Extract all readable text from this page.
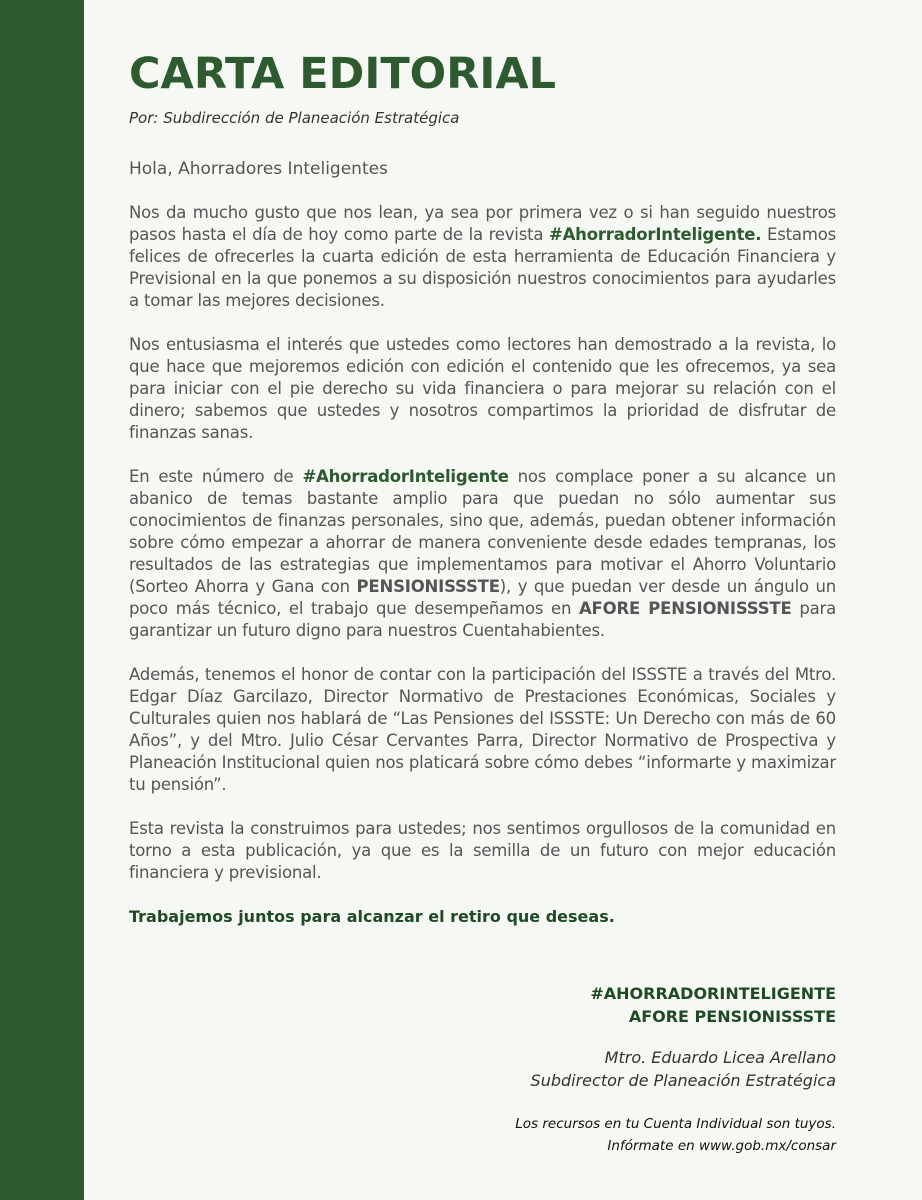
CARTA EDITORIAL

Por: Subdirección de Planeación Estratégica

Hola, Ahorradores Inteligentes

Nos da mucho gusto que nos lean, ya sea por primera vez o si han seguido nuestros pasos hasta el día de hoy como parte de la revista #AhorradorInteligente. Estamos felices de ofrecerles la cuarta edición de esta herramienta de Educación Financiera y Previsional en la que ponemos a su disposición nuestros conocimientos para ayudarles a tomar las mejores decisiones.

Nos entusiasma el interés que ustedes como lectores han demostrado a la revista, lo que hace que mejoremos edición con edición el contenido que les ofrecemos, ya sea para iniciar con el pie derecho su vida financiera o para mejorar su relación con el dinero; sabemos que ustedes y nosotros compartimos la prioridad de disfrutar de finanzas sanas.

En este número de #AhorradorInteligente nos complace poner a su alcance un abanico de temas bastante amplio para que puedan no sólo aumentar sus conocimientos de finanzas personales, sino que, además, puedan obtener información sobre cómo empezar a ahorrar de manera conveniente desde edades tempranas, los resultados de las estrategias que implementamos para motivar el Ahorro Voluntario (Sorteo Ahorra y Gana con PENSIONISSSTE), y que puedan ver desde un ángulo un poco más técnico, el trabajo que desempeñamos en AFORE PENSIONISSSTE para garantizar un futuro digno para nuestros Cuentahabientes.

Además, tenemos el honor de contar con la participación del ISSSTE a través del Mtro. Edgar Díaz Garcilazo, Director Normativo de Prestaciones Económicas, Sociales y Culturales quien nos hablará de “Las Pensiones del ISSSTE: Un Derecho con más de 60 Años”, y del Mtro. Julio César Cervantes Parra, Director Normativo de Prospectiva y Planeación Institucional quien nos platicará sobre cómo debes “informarte y maximizar tu pensión”.

Esta revista la construimos para ustedes; nos sentimos orgullosos de la comunidad en torno a esta publicación, ya que es la semilla de un futuro con mejor educación financiera y previsional.

Trabajemos juntos para alcanzar el retiro que deseas.

#AHORRADORINTELIGENTE
AFORE PENSIONISSSTE
Mtro. Eduardo Licea Arellano
Subdirector de Planeación Estratégica
Los recursos en tu Cuenta Individual son tuyos.
Infórmate en www.gob.mx/consar
